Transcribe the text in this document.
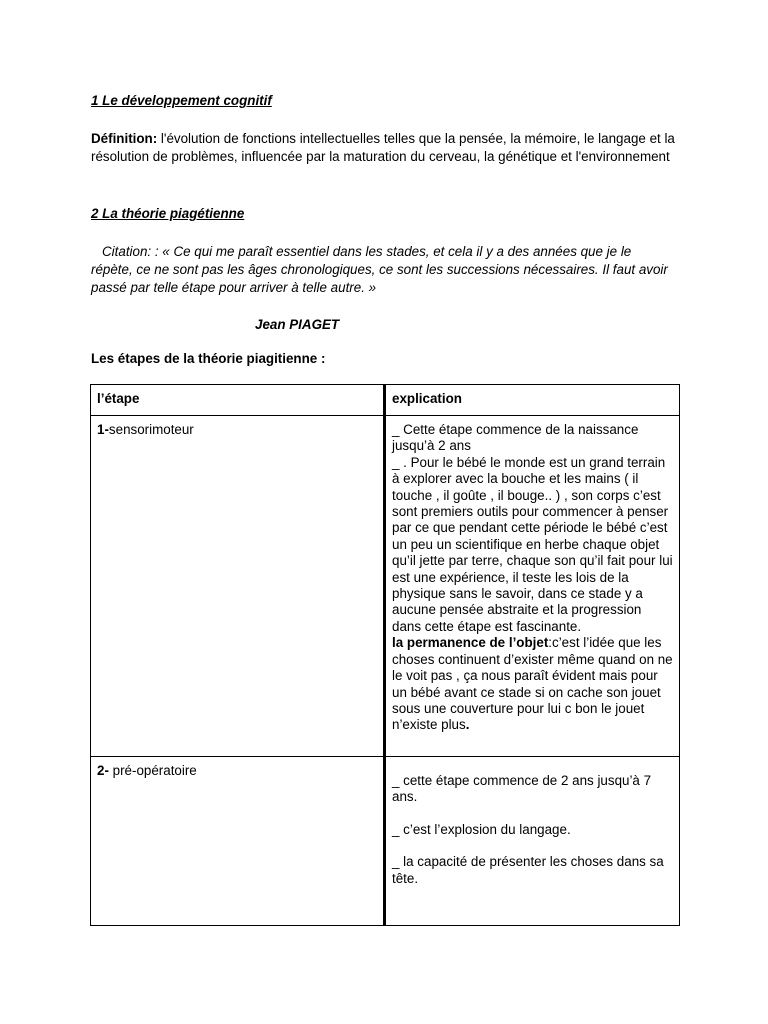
1 Le développement cognitif
Définition: l'évolution de fonctions intellectuelles telles que la pensée, la mémoire, le langage et la résolution de problèmes, influencée par la maturation du cerveau, la génétique et l'environnement
2 La théorie piagétienne
Citation: : « Ce qui me paraît essentiel dans les stades, et cela il y a des années que je le répète, ce ne sont pas les âges chronologiques, ce sont les successions nécessaires. Il faut avoir passé par telle étape pour arriver à telle autre. »
Jean PIAGET
Les étapes de la théorie piagitienne :
l’étape	explication
1-sensorimoteur	_ Cette étape commence de la naissance jusqu’à 2 ans

_ . Pour le bébé le monde est un grand terrain à explorer avec la bouche et les mains ( il touche , il goûte , il bouge.. ) , son corps c’est sont premiers outils pour commencer à penser par ce que pendant cette période le bébé c’est un peu un scientifique en herbe chaque objet qu’il jette par terre, chaque son qu’il fait pour lui est une expérience, il teste les lois de la physique sans le savoir, dans ce stade y a aucune pensée abstraite et la progression dans cette étape est fascinante.

la permanence de l’objet:c’est l’idée que les choses continuent d’exister même quand on ne le voit pas , ça nous paraît évident mais pour un bébé avant ce stade si on cache son jouet sous une couverture pour lui c bon le jouet n’existe plus.

2- pré-opératoire	_ cette étape commence de 2 ans jusqu’à 7 ans.

_ c’est l’explosion du langage.

_ la capacité de présenter les choses dans sa tête.
